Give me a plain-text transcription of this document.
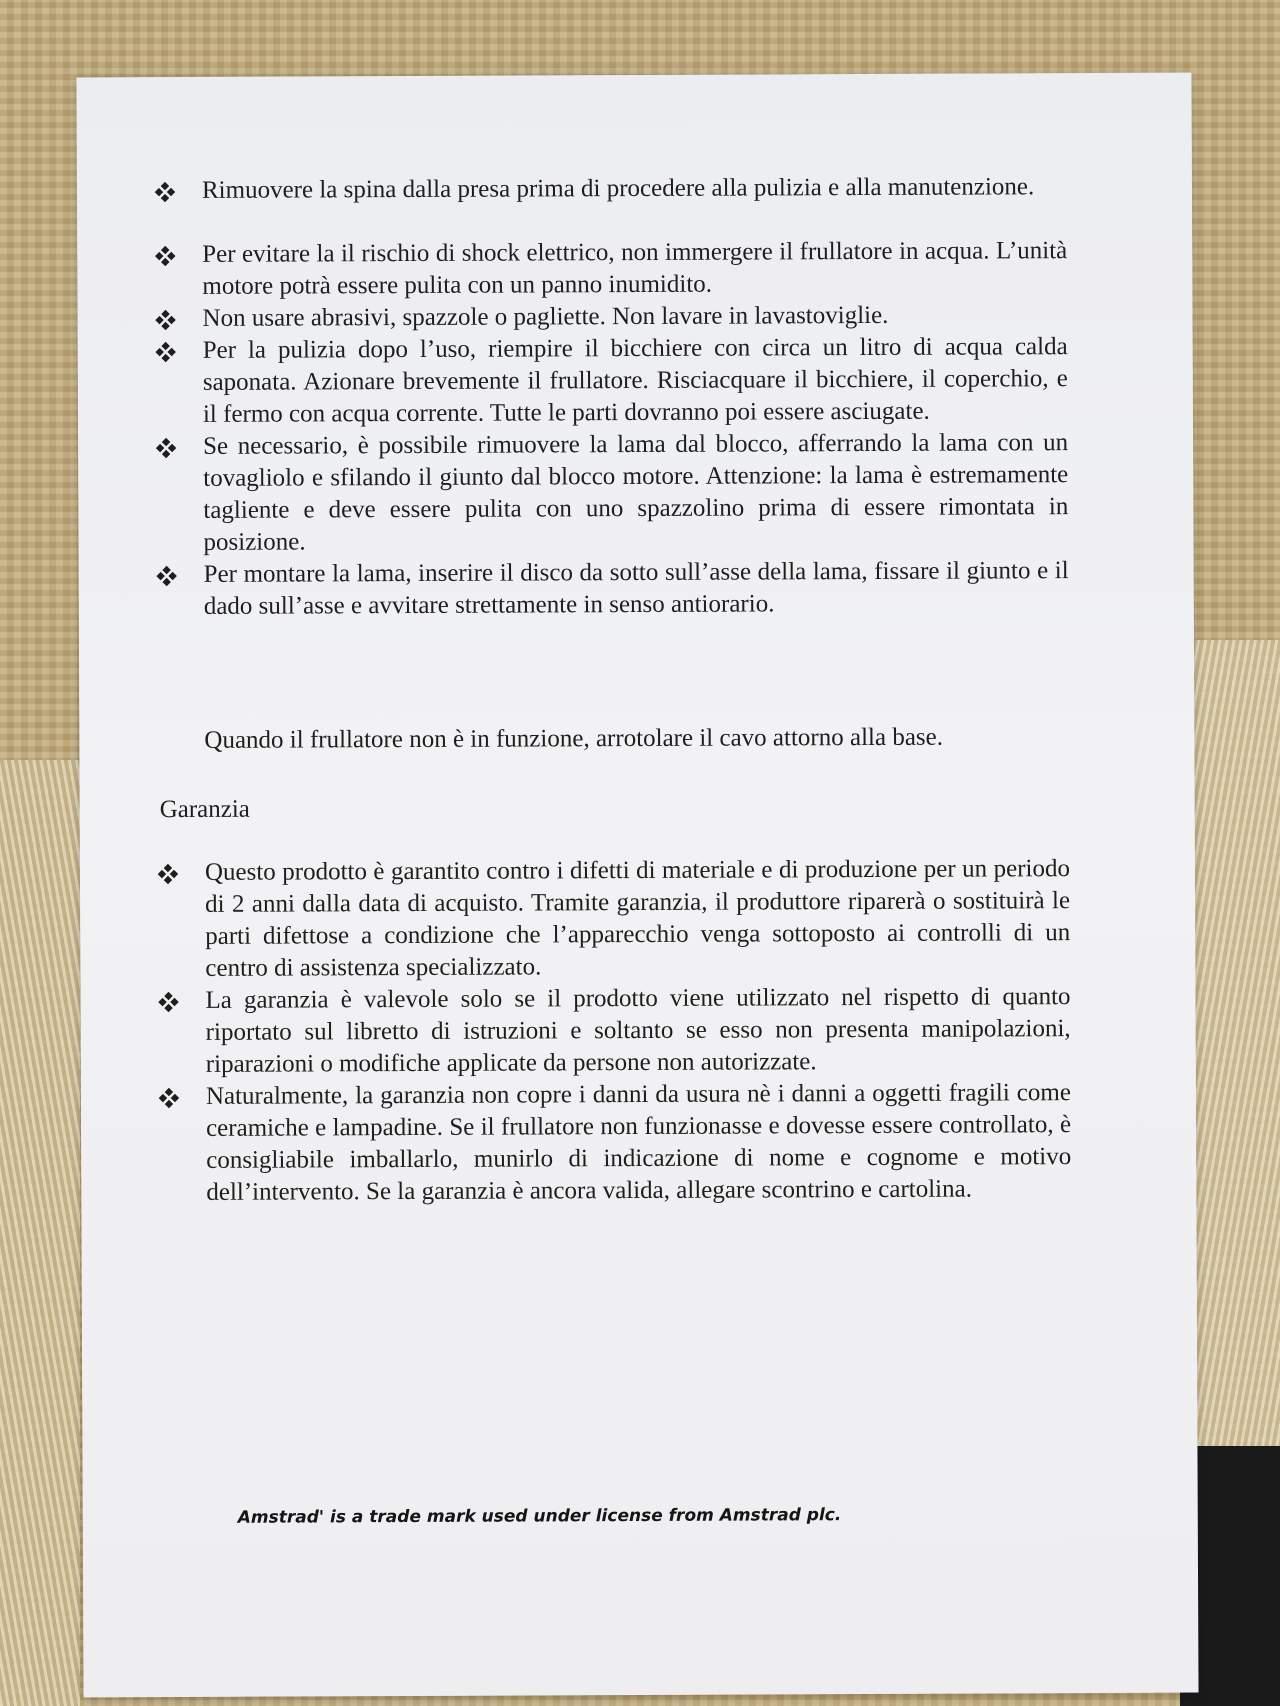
Rimuovere la spina dalla presa prima di procedere alla pulizia e alla manutenzione.
Per evitare la il rischio di shock elettrico, non immergere il frullatore in acqua. L’unità motore potrà essere pulita con un panno inumidito.
Non usare abrasivi, spazzole o pagliette. Non lavare in lavastoviglie.
Per la pulizia dopo l’uso, riempire il bicchiere con circa un litro di acqua calda saponata. Azionare brevemente il frullatore. Risciacquare il bicchiere, il coperchio, e il fermo con acqua corrente. Tutte le parti dovranno poi essere asciugate.
Se necessario, è possibile rimuovere la lama dal blocco, afferrando la lama con un tovagliolo e sfilando il giunto dal blocco motore. Attenzione: la lama è estremamente tagliente e deve essere pulita con uno spazzolino prima di essere rimontata in posizione.
Per montare la lama, inserire il disco da sotto sull’asse della lama, fissare il giunto e il dado sull’asse e avvitare strettamente in senso antiorario.

Quando il frullatore non è in funzione, arrotolare il cavo attorno alla base.

Garanzia
Questo prodotto è garantito contro i difetti di materiale e di produzione per un periodo di 2 anni dalla data di acquisto. Tramite garanzia, il produttore riparerà o sostituirà le parti difettose a condizione che l’apparecchio venga sottoposto ai controlli di un centro di assistenza specializzato.
La garanzia è valevole solo se il prodotto viene utilizzato nel rispetto di quanto riportato sul libretto di istruzioni e soltanto se esso non presenta manipolazioni, riparazioni o modifiche applicate da persone non autorizzate.
Naturalmente, la garanzia non copre i danni da usura nè i danni a oggetti fragili come ceramiche e lampadine. Se il frullatore non funzionasse e dovesse essere controllato, è consigliabile imballarlo, munirlo di indicazione di nome e cognome e motivo dell’intervento. Se la garanzia è ancora valida, allegare scontrino e cartolina.

Amstrad' is a trade mark used under license from Amstrad plc.
